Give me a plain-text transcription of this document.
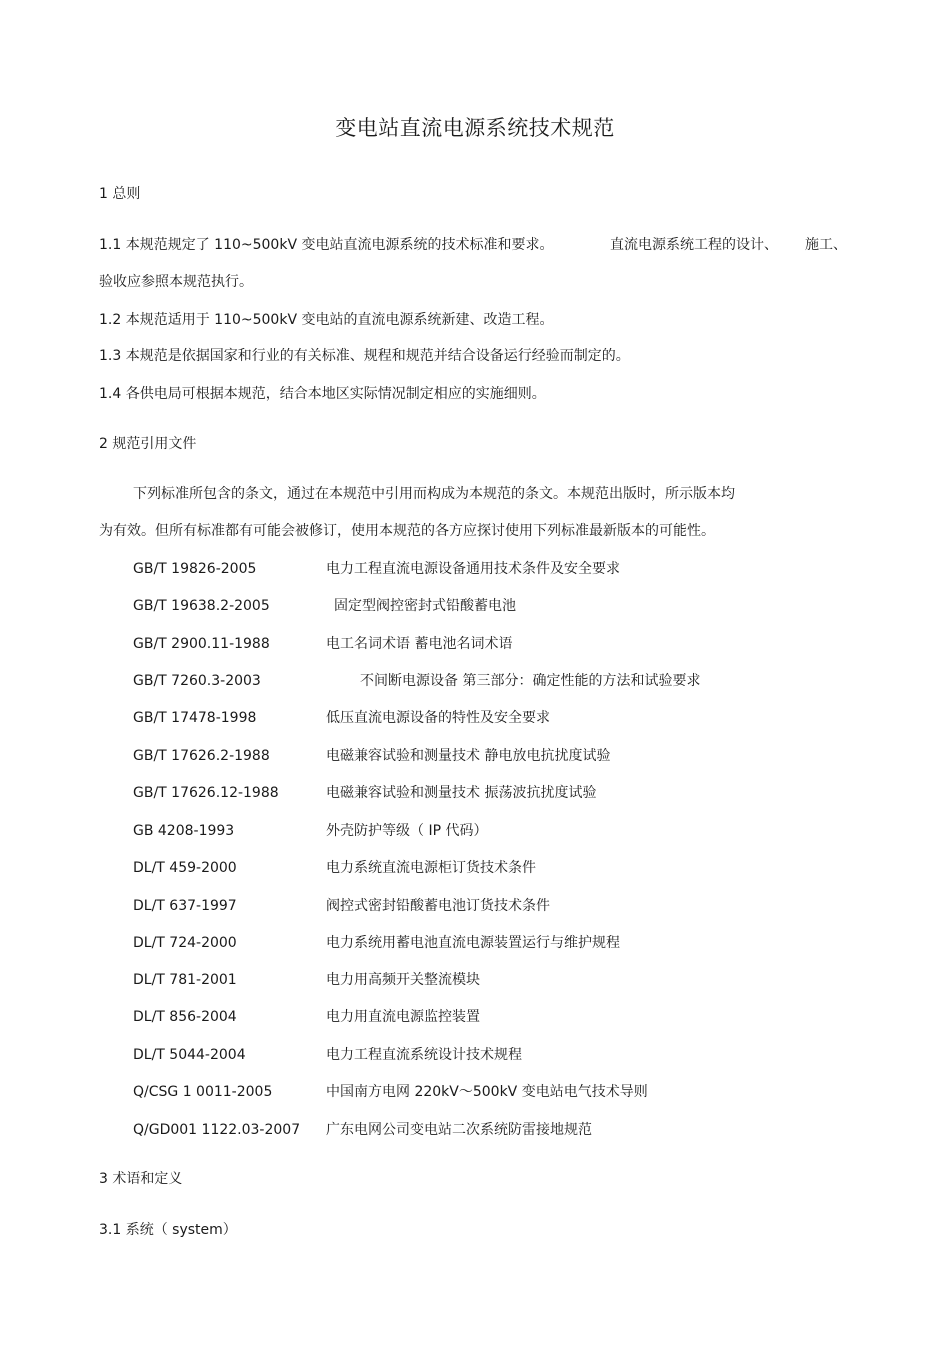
变电站直流电源系统技术规范
1 总则
1.1 本规范规定了 110~500kV 变电站直流电源系统的技术标准和要求。	直流电源系统工程的设计、 施工、
验收应参照本规范执行。
1.2 本规范适用于 110~500kV 变电站的直流电源系统新建、改造工程。
1.3 本规范是依据国家和行业的有关标准、规程和规范并结合设备运行经验而制定的。
1.4 各供电局可根据本规范，结合本地区实际情况制定相应的实施细则。
2 规范引用文件
下列标准所包含的条文，通过在本规范中引用而构成为本规范的条文。本规范出版时，所示版本均
为有效。但所有标准都有可能会被修订，使用本规范的各方应探讨使用下列标准最新版本的可能性。
GB/T 19826-2005	电力工程直流电源设备通用技术条件及安全要求
GB/T 19638.2-2005	固定型阀控密封式铅酸蓄电池
GB/T 2900.11-1988	电工名词术语 蓄电池名词术语
GB/T 7260.3-2003	不间断电源设备 第三部分：确定性能的方法和试验要求
GB/T 17478-1998	低压直流电源设备的特性及安全要求
GB/T 17626.2-1988	电磁兼容试验和测量技术 静电放电抗扰度试验
GB/T 17626.12-1988	电磁兼容试验和测量技术 振荡波抗扰度试验
GB 4208-1993	外壳防护等级（ IP 代码）
DL/T 459-2000	电力系统直流电源柜订货技术条件
DL/T 637-1997	阀控式密封铅酸蓄电池订货技术条件
DL/T 724-2000	电力系统用蓄电池直流电源装置运行与维护规程
DL/T 781-2001	电力用高频开关整流模块
DL/T 856-2004	电力用直流电源监控装置
DL/T 5044-2004	电力工程直流系统设计技术规程
Q/CSG 1 0011-2005	中国南方电网 220kV～500kV 变电站电气技术导则
Q/GD001 1122.03-2007 广东电网公司变电站二次系统防雷接地规范
3 术语和定义
3.1 系统（ system）
